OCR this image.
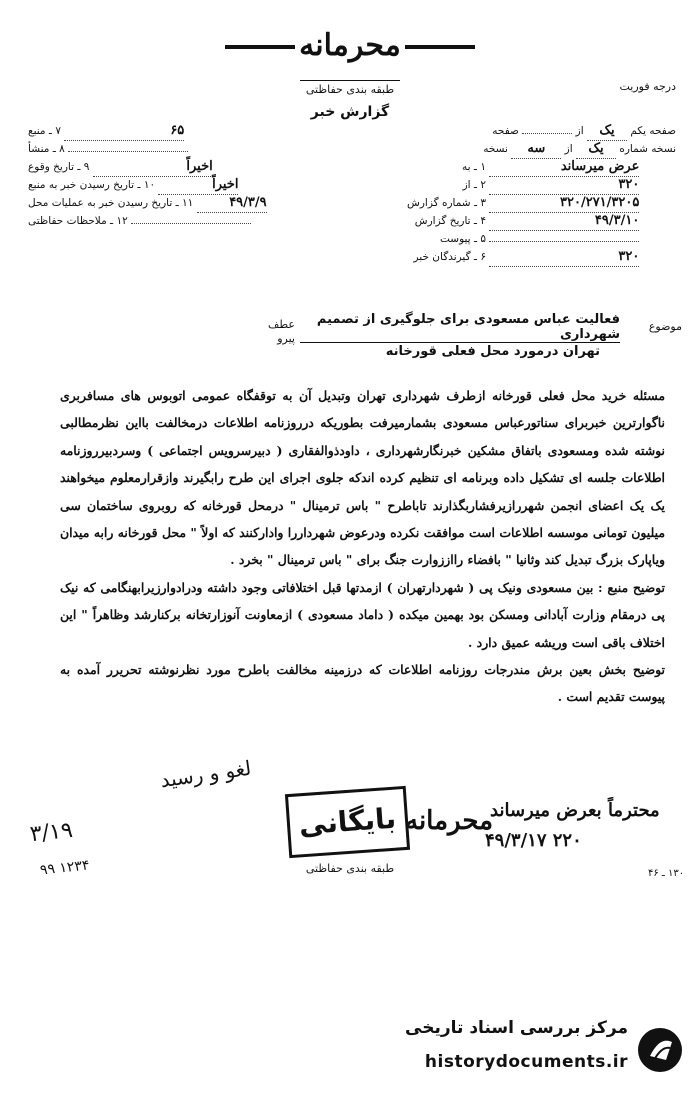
محرمانه
درجه فوریت
طبقه بندی حفاظتی
گزارش خبر
صفحه یکم یک از  صفحه
نسخه شماره یک از سه نسخه
۱ ـ به	عرض میرساند
۲ ـ از	۳۲۰
۳ ـ شماره گزارش	۳۲۰/۲۷۱/۳۲۰۵
۴ ـ تاریخ گزارش	۴۹/۳/۱۰
۵ ـ پیوست
۶ ـ گیرندگان خبر	۳۲۰
۷ ـ منبع	۶۵
۸ ـ منشأ
۹ ـ تاریخ وقوع	اخیراً
۱۰ ـ تاریخ رسیدن خبر به منبع	اخیراً
۱۱ ـ تاریخ رسیدن خبر به عملیات محل	۴۹/۳/۹
۱۲ ـ ملاحظات حفاظتی
موضوع
فعالیت عباس مسعودی برای جلوگیری از تصمیم شهرداری
تهران درمورد محل فعلی قورخانه
عطف پیرو

مسئله خرید محل فعلی قورخانه ازطرف شهرداری تهران وتبدیل آن به توقفگاه عمومی اتوبوس های مسافربری ناگوارترین خبربرای سناتورعباس مسعودی بشمارمیرفت بطوریکه درروزنامه اطلاعات درمخالفت بااین نظرمطالبی نوشته شده ومسعودی باتفاق مشکین خبرنگارشهرداری ، داودذوالفقاری ( دبیرسرویس اجتماعی ) وسردبیرروزنامه اطلاعات جلسه ای تشکیل داده وبرنامه ای تنظیم کرده اندکه جلوی اجرای این طرح رابگیرند وازقرارمعلوم میخواهند یک یک اعضای انجمن شهررازیرفشاربگذارند تاباطرح " باس ترمینال " درمحل قورخانه که روبروی ساختمان سی میلیون تومانی موسسه اطلاعات است موافقت نکرده ودرعوض شهرداررا واداركنند که اولاً " محل قورخانه رابه میدان ویاپارک بزرگ تبدیل کند وثانیا " بافضاء رااززوارت جنگ برای " باس ترمینال " بخرد .

توضیح منبع : بین مسعودی ونیک پی ( شهردارتهران ) ازمدتها قبل اختلافاتی وجود داشته ودرادوارزیرابهنگامی که نیک پی درمقام وزارت آبادانی ومسکن بود بهمین میکده ( داماد مسعودی ) ازمعاونت آنوزارتخانه برکنارشد وظاهراً " این اختلاف باقی است وریشه عمیق دارد .

توضیح بخش بعین برش مندرجات روزنامه اطلاعات که درزمینه مخالفت باطرح مورد نظرنوشته تحریرر آمده به پیوست تقدیم است .

لغو و رسید
بایگانی محرمانه
محترماً بعرض میرساند
۴۹/۳/۱۷ ۲۲۰
۳/۱۹
۹۹ ۱۲۳۴	طبقه بندی حفاظتی	۱۳۰ ـ ۴۶
مرکز بررسی اسناد تاریخی
historydocuments.ir
